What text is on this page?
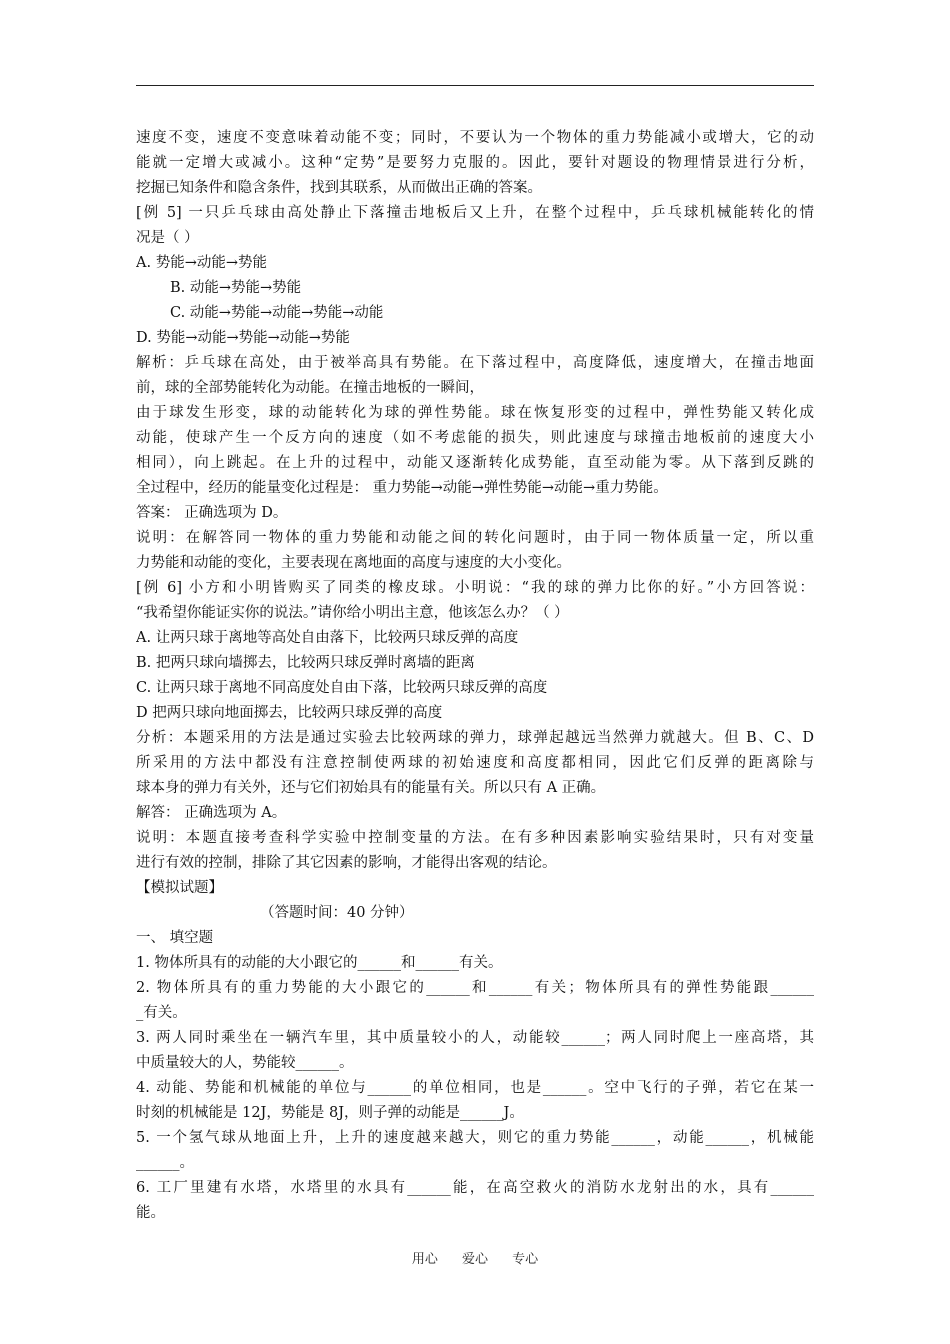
速度不变，速度不变意味着动能不变；同时，不要认为一个物体的重力势能减小或增大，它的动
能就一定增大或减小。这种“定势”是要努力克服的。因此，要针对题设的物理情景进行分析，
挖掘已知条件和隐含条件，找到其联系，从而做出正确的答案。
[例 5] 一只乒乓球由高处静止下落撞击地板后又上升，在整个过程中，乒乓球机械能转化的情
况是（ ）
A. 势能→动能→势能
B. 动能→势能→势能
C. 动能→势能→动能→势能→动能
D. 势能→动能→势能→动能→势能
解析：乒乓球在高处，由于被举高具有势能。在下落过程中，高度降低，速度增大，在撞击地面
前，球的全部势能转化为动能。在撞击地板的一瞬间，
由于球发生形变，球的动能转化为球的弹性势能。球在恢复形变的过程中，弹性势能又转化成
动能，使球产生一个反方向的速度（如不考虑能的损失，则此速度与球撞击地板前的速度大小
相同），向上跳起。在上升的过程中，动能又逐渐转化成势能，直至动能为零。从下落到反跳的
全过程中，经历的能量变化过程是： 重力势能→动能→弹性势能→动能→重力势能。
答案： 正确选项为 D。
说明：在解答同一物体的重力势能和动能之间的转化问题时，由于同一物体质量一定，所以重
力势能和动能的变化，主要表现在离地面的高度与速度的大小变化。
[例 6] 小方和小明皆购买了同类的橡皮球。小明说：“我的球的弹力比你的好。”小方回答说：
“我希望你能证实你的说法。”请你给小明出主意，他该怎么办？（ ）
A. 让两只球于离地等高处自由落下，比较两只球反弹的高度
B. 把两只球向墙掷去，比较两只球反弹时离墙的距离
C. 让两只球于离地不同高度处自由下落，比较两只球反弹的高度
D 把两只球向地面掷去，比较两只球反弹的高度
分析：本题采用的方法是通过实验去比较两球的弹力，球弹起越远当然弹力就越大。但 B、C、D
所采用的方法中都没有注意控制使两球的初始速度和高度都相同，因此它们反弹的距离除与
球本身的弹力有关外，还与它们初始具有的能量有关。所以只有 A 正确。
解答： 正确选项为 A。
说明：本题直接考查科学实验中控制变量的方法。在有多种因素影响实验结果时，只有对变量
进行有效的控制，排除了其它因素的影响，才能得出客观的结论。
【模拟试题】
（答题时间：40 分钟）
一、 填空题
1. 物体所具有的动能的大小跟它的______和______有关。
2. 物体所具有的重力势能的大小跟它的______和______有关；物体所具有的弹性势能跟______
_有关。
3. 两人同时乘坐在一辆汽车里，其中质量较小的人，动能较______；两人同时爬上一座高塔，其
中质量较大的人，势能较______。
4. 动能、势能和机械能的单位与______的单位相同，也是______。空中飞行的子弹，若它在某一
时刻的机械能是 12J，势能是 8J，则子弹的动能是______J。
5. 一个氢气球从地面上升，上升的速度越来越大，则它的重力势能______，动能______，机械能
______。
6. 工厂里建有水塔，水塔里的水具有______能，在高空救火的消防水龙射出的水，具有______
能。
用心 爱心 专心
